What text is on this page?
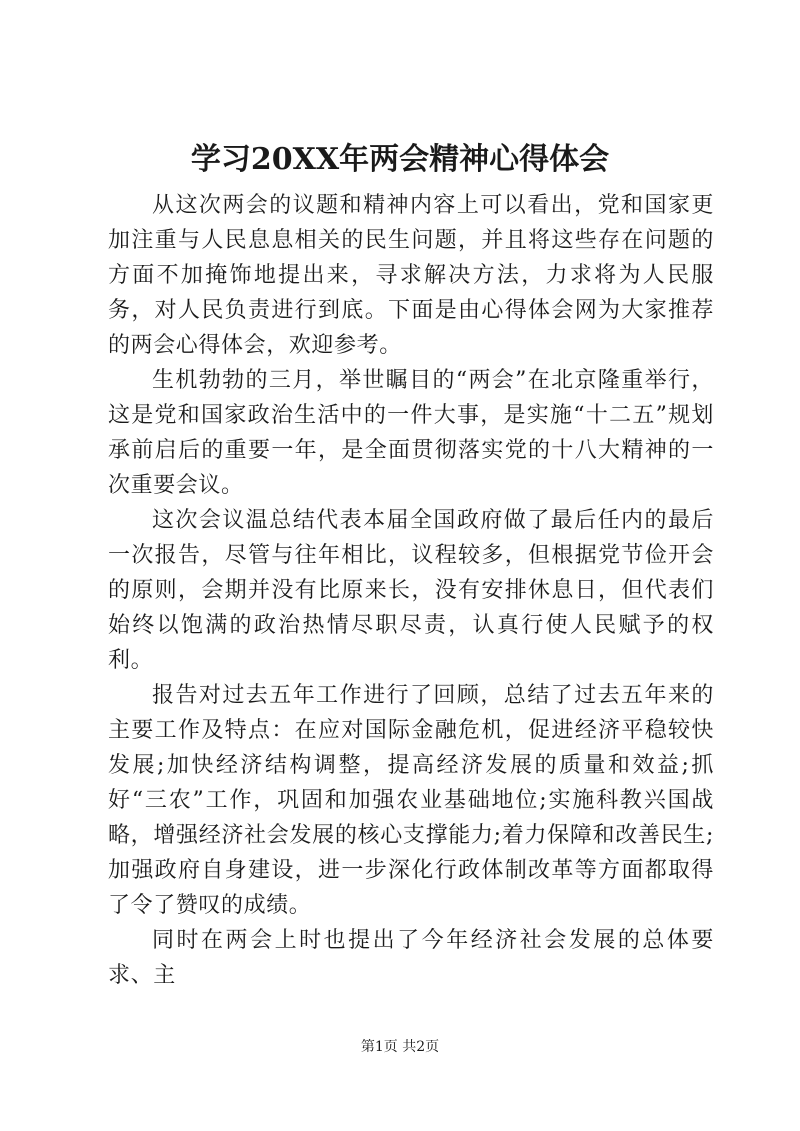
学习20XX年两会精神心得体会

从这次两会的议题和精神内容上可以看出，党和国家更加注重与人民息息相关的民生问题，并且将这些存在问题的方面不加掩饰地提出来，寻求解决方法，力求将为人民服务，对人民负责进行到底。下面是由心得体会网为大家推荐的两会心得体会，欢迎参考。

生机勃勃的三月，举世瞩目的“两会”在北京隆重举行，这是党和国家政治生活中的一件大事，是实施“十二五”规划承前启后的重要一年，是全面贯彻落实党的十八大精神的一次重要会议。

这次会议温总结代表本届全国政府做了最后任内的最后一次报告，尽管与往年相比，议程较多，但根据党节俭开会的原则，会期并没有比原来长，没有安排休息日，但代表们始终以饱满的政治热情尽职尽责，认真行使人民赋予的权利。

报告对过去五年工作进行了回顾，总结了过去五年来的主要工作及特点：在应对国际金融危机，促进经济平稳较快发展;加快经济结构调整，提高经济发展的质量和效益;抓好“三农”工作，巩固和加强农业基础地位;实施科教兴国战略，增强经济社会发展的核心支撑能力;着力保障和改善民生;加强政府自身建设，进一步深化行政体制改革等方面都取得了令了赞叹的成绩。

同时在两会上时也提出了今年经济社会发展的总体要求、主

第1页 共2页
